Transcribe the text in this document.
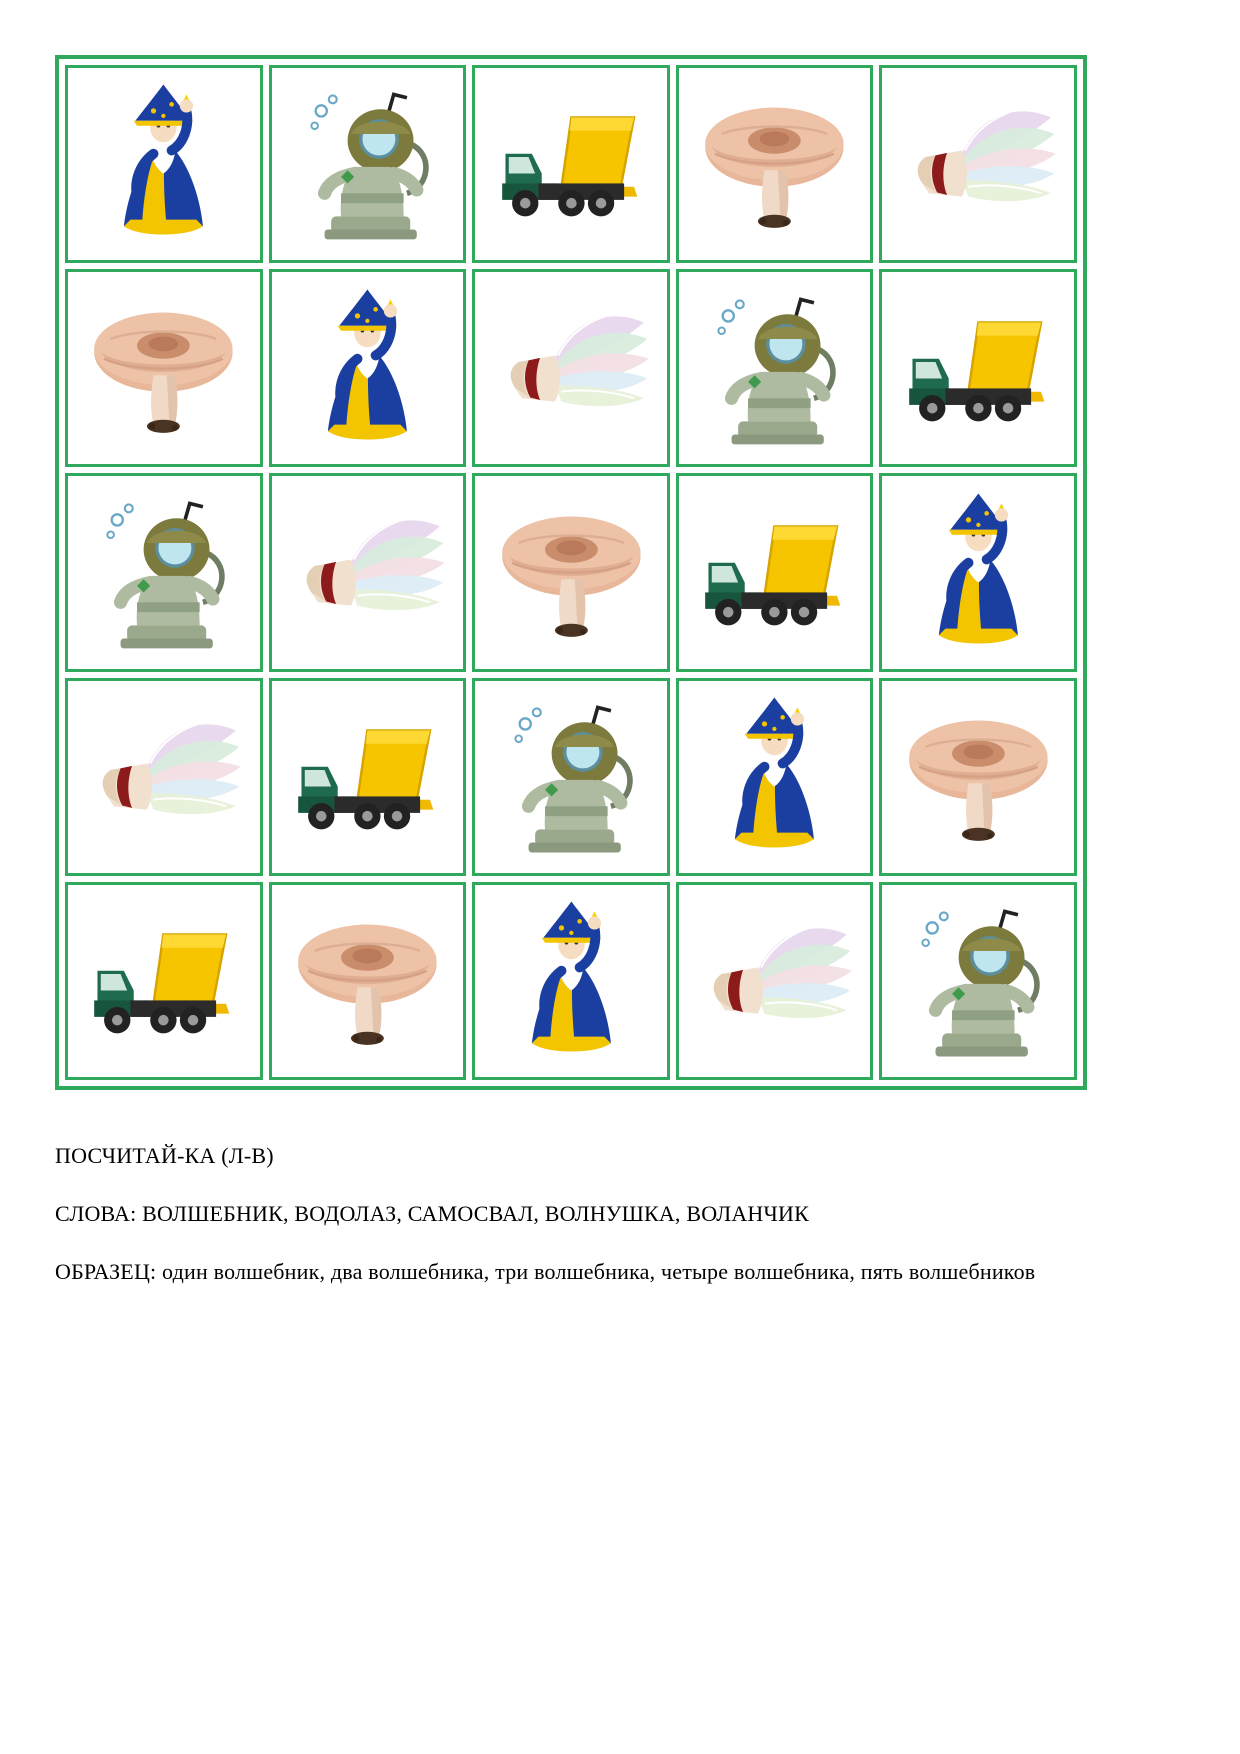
ПОСЧИТАЙ-КА (Л-В)
СЛОВА: ВОЛШЕБНИК, ВОДОЛАЗ, САМОСВАЛ, ВОЛНУШКА, ВОЛАНЧИК
ОБРАЗЕЦ: один волшебник, два волшебника, три волшебника, четыре волшебника, пять волшебников
